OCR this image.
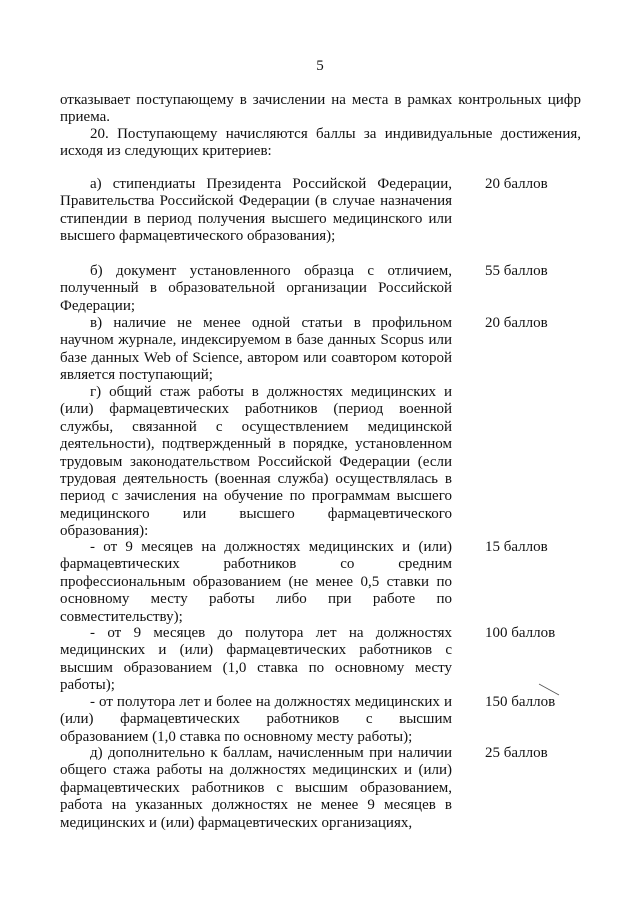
5
отказывает поступающему в зачислении на места в рамках контрольных цифр приема.
20. Поступающему начисляются баллы за индивидуальные достижения, исходя из следующих критериев:
а) стипендиаты Президента Российской Федерации, Правительства Российской Федерации (в случае назначения стипендии в период получения высшего медицинского или высшего фармацевтического образования);
20 баллов
б) документ установленного образца с отличием, полученный в образовательной организации Российской Федерации;
55 баллов
в) наличие не менее одной статьи в профильном научном журнале, индексируемом в базе данных Scopus или базе данных Web of Science, автором или соавтором которой является поступающий;
20 баллов
г) общий стаж работы в должностях медицинских и (или) фармацевтических работников (период военной службы, связанной с осуществлением медицинской деятельности), подтвержденный в порядке, установленном трудовым законодательством Российской Федерации (если трудовая деятельность (военная служба) осуществлялась в период с зачисления на обучение по программам высшего медицинского или высшего фармацевтического образования):
- от 9 месяцев на должностях медицинских и (или) фармацевтических работников со средним профессиональным образованием (не менее 0,5 ставки по основному месту работы либо при работе по совместительству);
15 баллов
- от 9 месяцев до полутора лет на должностях медицинских и (или) фармацевтических работников с высшим образованием (1,0 ставка по основному месту работы);
100 баллов
- от полутора лет и более на должностях медицинских и (или) фармацевтических работников с высшим образованием (1,0 ставка по основному месту работы);
150 баллов
д) дополнительно к баллам, начисленным при наличии общего стажа работы на должностях медицинских и (или) фармацевтических работников с высшим образованием, работа на указанных должностях не менее 9 месяцев в медицинских и (или) фармацевтических организациях,
25 баллов
